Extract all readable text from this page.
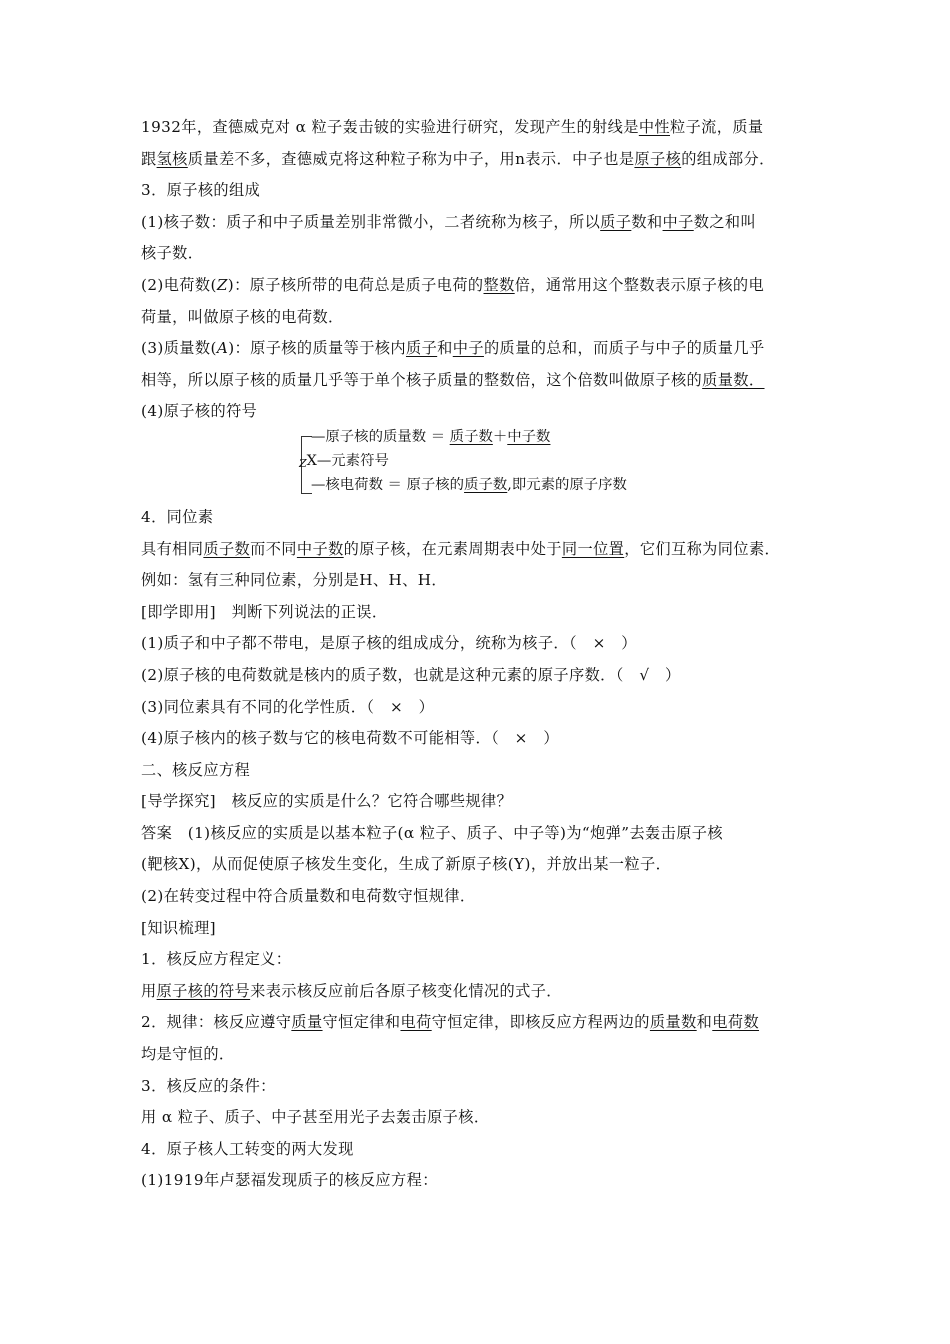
1932年，查德威克对 α 粒子轰击铍的实验进行研究，发现产生的射线是中性粒子流，质量
跟氢核质量差不多，查德威克将这种粒子称为中子，用n表示．中子也是原子核的组成部分．
3．原子核的组成
(1)核子数：质子和中子质量差别非常微小，二者统称为核子，所以质子数和中子数之和叫
核子数．
(2)电荷数(Z)：原子核所带的电荷总是质子电荷的整数倍，通常用这个整数表示原子核的电
荷量，叫做原子核的电荷数．
(3)质量数(A)：原子核的质量等于核内质子和中子的质量的总和，而质子与中子的质量几乎
相等，所以原子核的质量几乎等于单个核子质量的整数倍，这个倍数叫做原子核的质量数．
(4)原子核的符号
—原子核的质量数 ＝ 质子数＋中子数
ZX—元素符号
—核电荷数 ＝ 原子核的质子数,即元素的原子序数
4．同位素
具有相同质子数而不同中子数的原子核，在元素周期表中处于同一位置，它们互称为同位素．
例如：氢有三种同位素，分别是H、H、H．
[即学即用]　判断下列说法的正误．
(1)质子和中子都不带电，是原子核的组成成分，统称为核子．（　×　）
(2)原子核的电荷数就是核内的质子数，也就是这种元素的原子序数．（　√　）
(3)同位素具有不同的化学性质．（　×　）
(4)原子核内的核子数与它的核电荷数不可能相等．（　×　）
二、核反应方程
[导学探究]　核反应的实质是什么？它符合哪些规律？
答案　(1)核反应的实质是以基本粒子(α 粒子、质子、中子等)为“炮弹”去轰击原子核
(靶核X)，从而促使原子核发生变化，生成了新原子核(Y)，并放出某一粒子．
(2)在转变过程中符合质量数和电荷数守恒规律．
[知识梳理]
1．核反应方程定义：
用原子核的符号来表示核反应前后各原子核变化情况的式子．
2．规律：核反应遵守质量守恒定律和电荷守恒定律，即核反应方程两边的质量数和电荷数
均是守恒的．
3．核反应的条件：
用 α 粒子、质子、中子甚至用光子去轰击原子核．
4．原子核人工转变的两大发现
(1)1919年卢瑟福发现质子的核反应方程：
